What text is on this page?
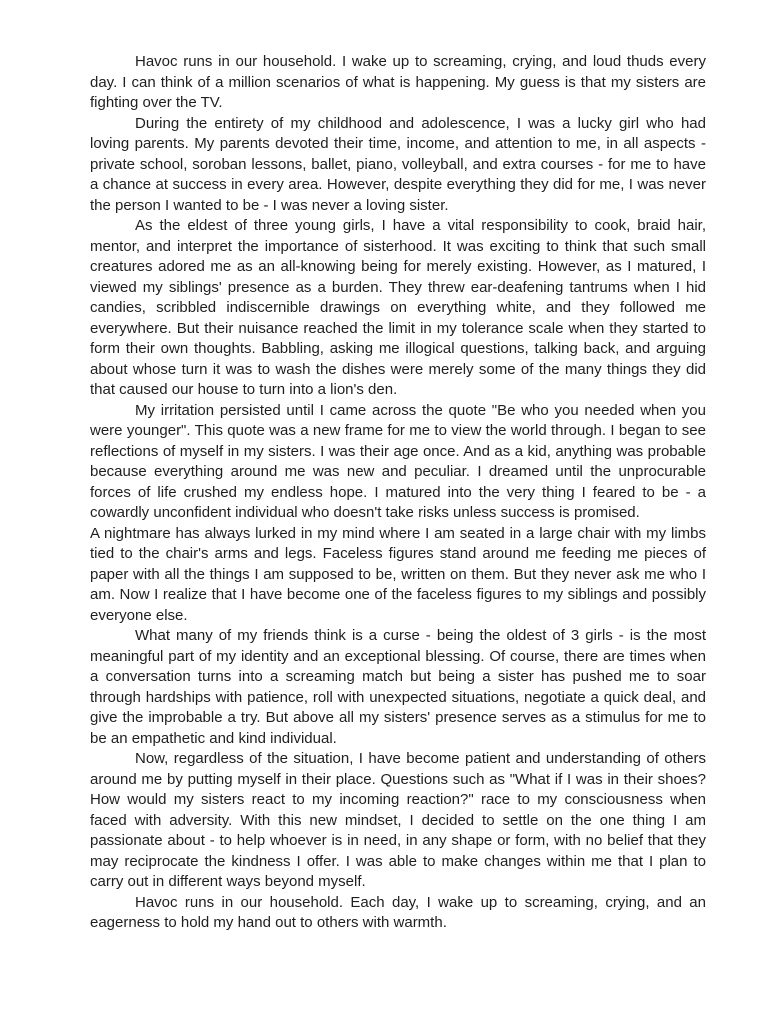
Havoc runs in our household. I wake up to screaming, crying, and loud thuds every day. I can think of a million scenarios of what is happening. My guess is that my sisters are fighting over the TV.

During the entirety of my childhood and adolescence, I was a lucky girl who had loving parents. My parents devoted their time, income, and attention to me, in all aspects - private school, soroban lessons, ballet, piano, volleyball, and extra courses - for me to have a chance at success in every area. However, despite everything they did for me, I was never the person I wanted to be - I was never a loving sister.

As the eldest of three young girls, I have a vital responsibility to cook, braid hair, mentor, and interpret the importance of sisterhood. It was exciting to think that such small creatures adored me as an all-knowing being for merely existing. However, as I matured, I viewed my siblings' presence as a burden. They threw ear-deafening tantrums when I hid candies, scribbled indiscernible drawings on everything white, and they followed me everywhere. But their nuisance reached the limit in my tolerance scale when they started to form their own thoughts. Babbling, asking me illogical questions, talking back, and arguing about whose turn it was to wash the dishes were merely some of the many things they did that caused our house to turn into a lion's den.

My irritation persisted until I came across the quote "Be who you needed when you were younger". This quote was a new frame for me to view the world through. I began to see reflections of myself in my sisters. I was their age once. And as a kid, anything was probable because everything around me was new and peculiar. I dreamed until the unprocurable forces of life crushed my endless hope. I matured into the very thing I feared to be - a cowardly unconfident individual who doesn't take risks unless success is promised.

A nightmare has always lurked in my mind where I am seated in a large chair with my limbs tied to the chair's arms and legs. Faceless figures stand around me feeding me pieces of paper with all the things I am supposed to be, written on them. But they never ask me who I am. Now I realize that I have become one of the faceless figures to my siblings and possibly everyone else.

What many of my friends think is a curse - being the oldest of 3 girls - is the most meaningful part of my identity and an exceptional blessing. Of course, there are times when a conversation turns into a screaming match but being a sister has pushed me to soar through hardships with patience, roll with unexpected situations, negotiate a quick deal, and give the improbable a try. But above all my sisters' presence serves as a stimulus for me to be an empathetic and kind individual.

Now, regardless of the situation, I have become patient and understanding of others around me by putting myself in their place. Questions such as "What if I was in their shoes? How would my sisters react to my incoming reaction?" race to my consciousness when faced with adversity. With this new mindset, I decided to settle on the one thing I am passionate about - to help whoever is in need, in any shape or form, with no belief that they may reciprocate the kindness I offer. I was able to make changes within me that I plan to carry out in different ways beyond myself.

Havoc runs in our household. Each day, I wake up to screaming, crying, and an eagerness to hold my hand out to others with warmth.
